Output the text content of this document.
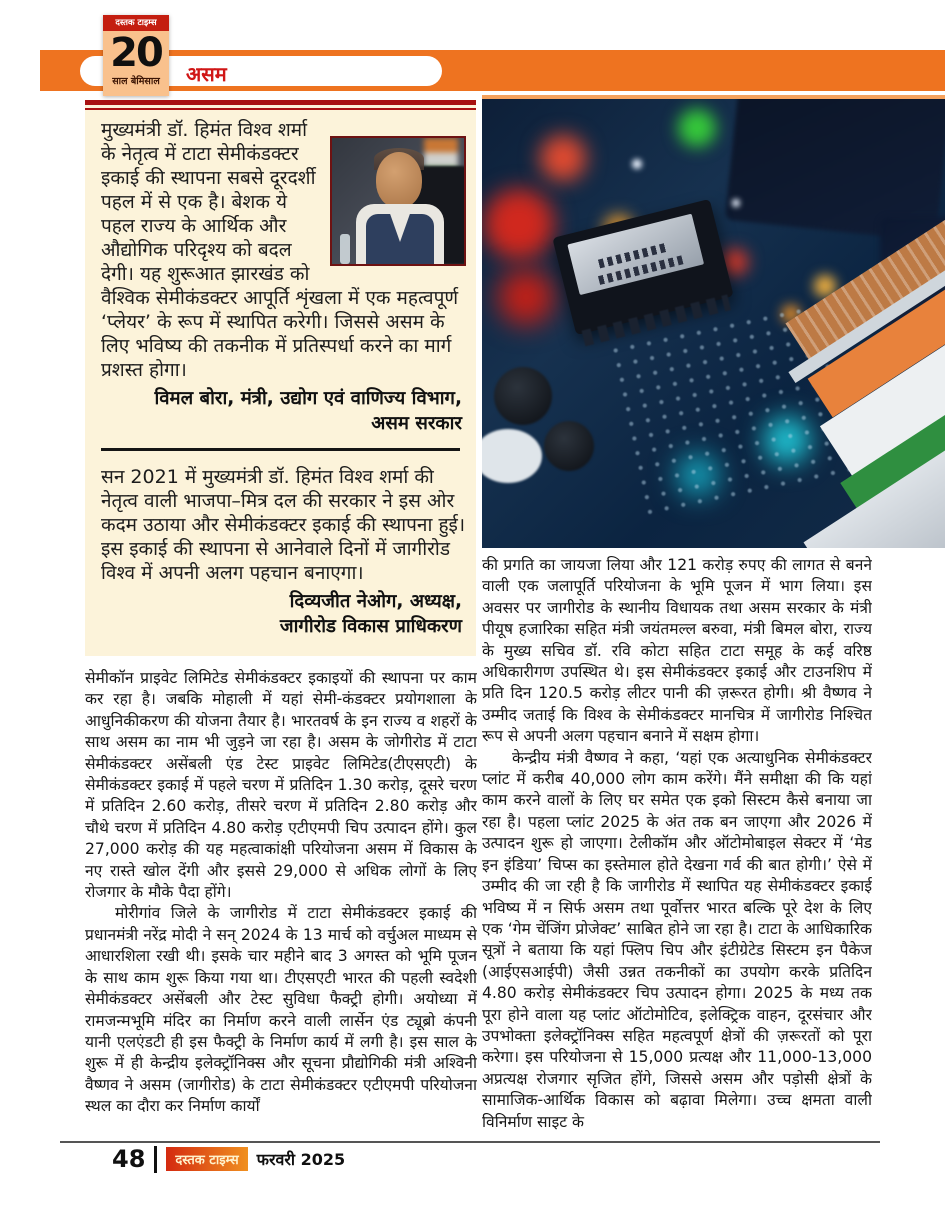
असम
दस्तक टाइम्स
20
साल बेमिसाल
मुख्यमंत्री डॉ. हिमंत विश्व शर्मा के नेतृत्व में टाटा सेमीकंडक्टर इकाई की स्थापना सबसे दूरदर्शी पहल में से एक है। बेशक ये पहल राज्य के आर्थिक और औद्योगिक परिदृश्य को बदल देगी। यह शुरूआत झारखंड को वैश्विक सेमीकंडक्टर आपूर्ति शृंखला में एक महत्वपूर्ण ‘प्लेयर’ के रूप में स्थापित करेगी। जिससे असम के लिए भविष्य की तकनीक में प्रतिस्पर्धा करने का मार्ग प्रशस्त होगा।
विमल बोरा, मंत्री, उद्योग एवं वाणिज्य विभाग,
असम सरकार
सन 2021 में मुख्यमंत्री डॉ. हिमंत विश्व शर्मा की नेतृत्व वाली भाजपा–मित्र दल की सरकार ने इस ओर कदम उठाया और सेमीकंडक्टर इकाई की स्थापना हुई। इस इकाई की स्थापना से आनेवाले दिनों में जागीरोड विश्व में अपनी अलग पहचान बनाएगा।
दिव्यजीत नेओग, अध्यक्ष,
जागीरोड विकास प्राधिकरण

सेमीकॉन प्राइवेट लिमिटेड सेमीकंडक्टर इकाइयों की स्थापना पर काम कर रहा है। जबकि मोहाली में यहां सेमी-कंडक्टर प्रयोगशाला के आधुनिकीकरण की योजना तैयार है। भारतवर्ष के इन राज्य व शहरों के साथ असम का नाम भी जुड़ने जा रहा है। असम के जोगीरोड में टाटा सेमीकंडक्टर असेंबली एंड टेस्ट प्राइवेट लिमिटेड(टीएसएटी) के सेमीकंडक्टर इकाई में पहले चरण में प्रतिदिन 1.30 करोड़, दूसरे चरण में प्रतिदिन 2.60 करोड़, तीसरे चरण में प्रतिदिन 2.80 करोड़ और चौथे चरण में प्रतिदिन 4.80 करोड़ एटीएमपी चिप उत्पादन होंगे। कुल 27,000 करोड़ की यह महत्वाकांक्षी परियोजना असम में विकास के नए रास्ते खोल देंगी और इससे 29,000 से अधिक लोगों के लिए रोजगार के मौके पैदा होंगे।

मोरीगांव जिले के जागीरोड में टाटा सेमीकंडक्टर इकाई की प्रधानमंत्री नरेंद्र मोदी ने सन् 2024 के 13 मार्च को वर्चुअल माध्यम से आधारशिला रखी थी। इसके चार महीने बाद 3 अगस्त को भूमि पूजन के साथ काम शुरू किया गया था। टीएसएटी भारत की पहली स्वदेशी सेमीकंडक्टर असेंबली और टेस्ट सुविधा फैक्ट्री होगी। अयोध्या में रामजन्मभूमि मंदिर का निर्माण करने वाली लार्सेन एंड ट्यूब्रो कंपनी यानी एलएंडटी ही इस फैक्ट्री के निर्माण कार्य में लगी है। इस साल के शुरू में ही केन्द्रीय इलेक्ट्रॉनिक्स और सूचना प्रौद्योगिकी मंत्री अश्विनी वैष्णव ने असम (जागीरोड) के टाटा सेमीकंडक्टर एटीएमपी परियोजना स्थल का दौरा कर निर्माण कार्यों

की प्रगति का जायजा लिया और 121 करोड़ रुपए की लागत से बनने वाली एक जलापूर्ति परियोजना के भूमि पूजन में भाग लिया। इस अवसर पर जागीरोड के स्थानीय विधायक तथा असम सरकार के मंत्री पीयूष हजारिका सहित मंत्री जयंतमल्ल बरुवा, मंत्री बिमल बोरा, राज्य के मुख्य सचिव डॉ. रवि कोटा सहित टाटा समूह के कई वरिष्ठ अधिकारीगण उपस्थित थे। इस सेमीकंडक्टर इकाई और टाउनशिप में प्रति दिन 120.5 करोड़ लीटर पानी की ज़रूरत होगी। श्री वैष्णव ने उम्मीद जताई कि विश्व के सेमीकंडक्टर मानचित्र में जागीरोड निश्चित रूप से अपनी अलग पहचान बनाने में सक्षम होगा।

केन्द्रीय मंत्री वैष्णव ने कहा, ‘यहां एक अत्याधुनिक सेमीकंडक्टर प्लांट में करीब 40,000 लोग काम करेंगे। मैंने समीक्षा की कि यहां काम करने वालों के लिए घर समेत एक इको सिस्टम कैसे बनाया जा रहा है। पहला प्लांट 2025 के अंत तक बन जाएगा और 2026 में उत्पादन शुरू हो जाएगा। टेलीकॉम और ऑटोमोबाइल सेक्टर में ‘मेड इन इंडिया’ चिप्स का इस्तेमाल होते देखना गर्व की बात होगी।’ ऐसे में उम्मीद की जा रही है कि जागीरोड में स्थापित यह सेमीकंडक्टर इकाई भविष्य में न सिर्फ असम तथा पूर्वोत्तर भारत बल्कि पूरे देश के लिए एक ‘गेम चेंजिंग प्रोजेक्ट’ साबित होने जा रहा है। टाटा के आधिकारिक सूत्रों ने बताया कि यहां फ्लिप चिप और इंटीग्रेटेड सिस्टम इन पैकेज (आईएसआईपी) जैसी उन्नत तकनीकों का उपयोग करके प्रतिदिन 4.80 करोड़ सेमीकंडक्टर चिप उत्पादन होगा। 2025 के मध्य तक पूरा होने वाला यह प्लांट ऑटोमोटिव, इलेक्ट्रिक वाहन, दूरसंचार और उपभोक्ता इलेक्ट्रॉनिक्स सहित महत्वपूर्ण क्षेत्रों की ज़रूरतों को पूरा करेगा। इस परियोजना से 15,000 प्रत्यक्ष और 11,000-13,000 अप्रत्यक्ष रोजगार सृजित होंगे, जिससे असम और पड़ोसी क्षेत्रों के सामाजिक-आर्थिक विकास को बढ़ावा मिलेगा। उच्च क्षमता वाली विनिर्माण साइट के

48	दस्तक टाइम्स	फरवरी 2025
